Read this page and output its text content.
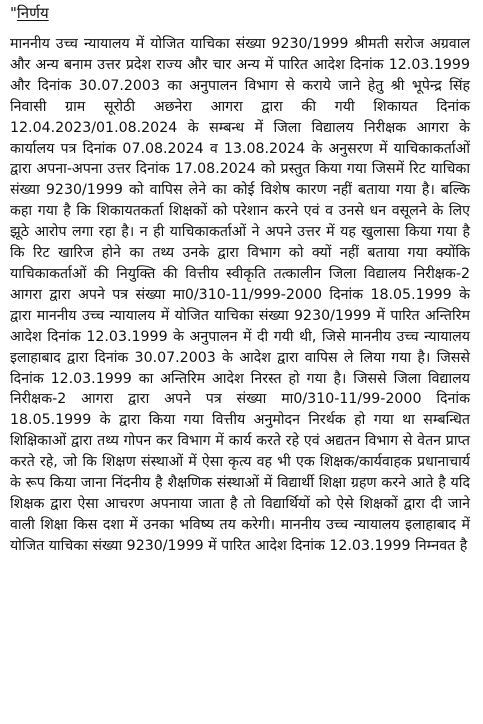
"निर्णय

माननीय उच्च न्यायालय में योजित याचिका संख्या 9230/1999 श्रीमती सरोज अग्रवाल और अन्य बनाम उत्तर प्रदेश राज्य और चार अन्य में पारित आदेश दिनांक 12.03.1999 और दिनांक 30.07.2003 का अनुपालन विभाग से कराये जाने हेतु श्री भूपेन्द्र सिंह निवासी ग्राम सूरोठी अछनेरा आगरा द्वारा की गयी शिकायत दिनांक 12.04.2023/01.08.2024 के सम्बन्ध में जिला विद्यालय निरीक्षक आगरा के कार्यालय पत्र दिनांक 07.08.2024 व 13.08.2024 के अनुसरण में याचिकाकर्ताओं द्वारा अपना-अपना उत्तर दिनांक 17.08.2024 को प्रस्तुत किया गया जिसमें रिट याचिका संख्या 9230/1999 को वापिस लेने का कोई विशेष कारण नहीं बताया गया है। बल्कि कहा गया है कि शिकायतकर्ता शिक्षकों को परेशान करने एवं व उनसे धन वसूलने के लिए झूठे आरोप लगा रहा है। न ही याचिकाकर्ताओं ने अपने उत्तर में यह खुलासा किया गया है कि रिट खारिज होने का तथ्य उनके द्वारा विभाग को क्यों नहीं बताया गया क्योंकि याचिकाकर्ताओं की नियुक्ति की वित्तीय स्वीकृति तत्कालीन जिला विद्यालय निरीक्षक-2 आगरा द्वारा अपने पत्र संख्या मा0/310-11/999-2000 दिनांक 18.05.1999 के द्वारा माननीय उच्च न्यायालय में योजित याचिका संख्या 9230/1999 में पारित अन्तिरिम आदेश दिनांक 12.03.1999 के अनुपालन में दी गयी थी, जिसे माननीय उच्च न्यायालय इलाहाबाद द्वारा दिनांक 30.07.2003 के आदेश द्वारा वापिस ले लिया गया है। जिससे दिनांक 12.03.1999 का अन्तिरिम आदेश निरस्त हो गया है। जिससे जिला विद्यालय निरीक्षक-2 आगरा द्वारा अपने पत्र संख्या मा0/310-11/99-2000 दिनांक 18.05.1999 के द्वारा किया गया वित्तीय अनुमोदन निरर्थक हो गया था सम्बन्धित शिक्षिकाओं द्वारा तथ्य गोपन कर विभाग में कार्य करते रहे एवं अद्यतन विभाग से वेतन प्राप्त करते रहे, जो कि शिक्षण संस्थाओं में ऐसा कृत्य वह भी एक शिक्षक/कार्यवाहक प्रधानाचार्य के रूप किया जाना निंदनीय है शैक्षणिक संस्थाओं में विद्यार्थी शिक्षा ग्रहण करने आते है यदि शिक्षक द्वारा ऐसा आचरण अपनाया जाता है तो विद्यार्थियों को ऐसे शिक्षकों द्वारा दी जाने वाली शिक्षा किस दशा में उनका भविष्य तय करेगी। माननीय उच्च न्यायालय इलाहाबाद में योजित याचिका संख्या 9230/1999 में पारित आदेश दिनांक 12.03.1999 निम्नवत है
